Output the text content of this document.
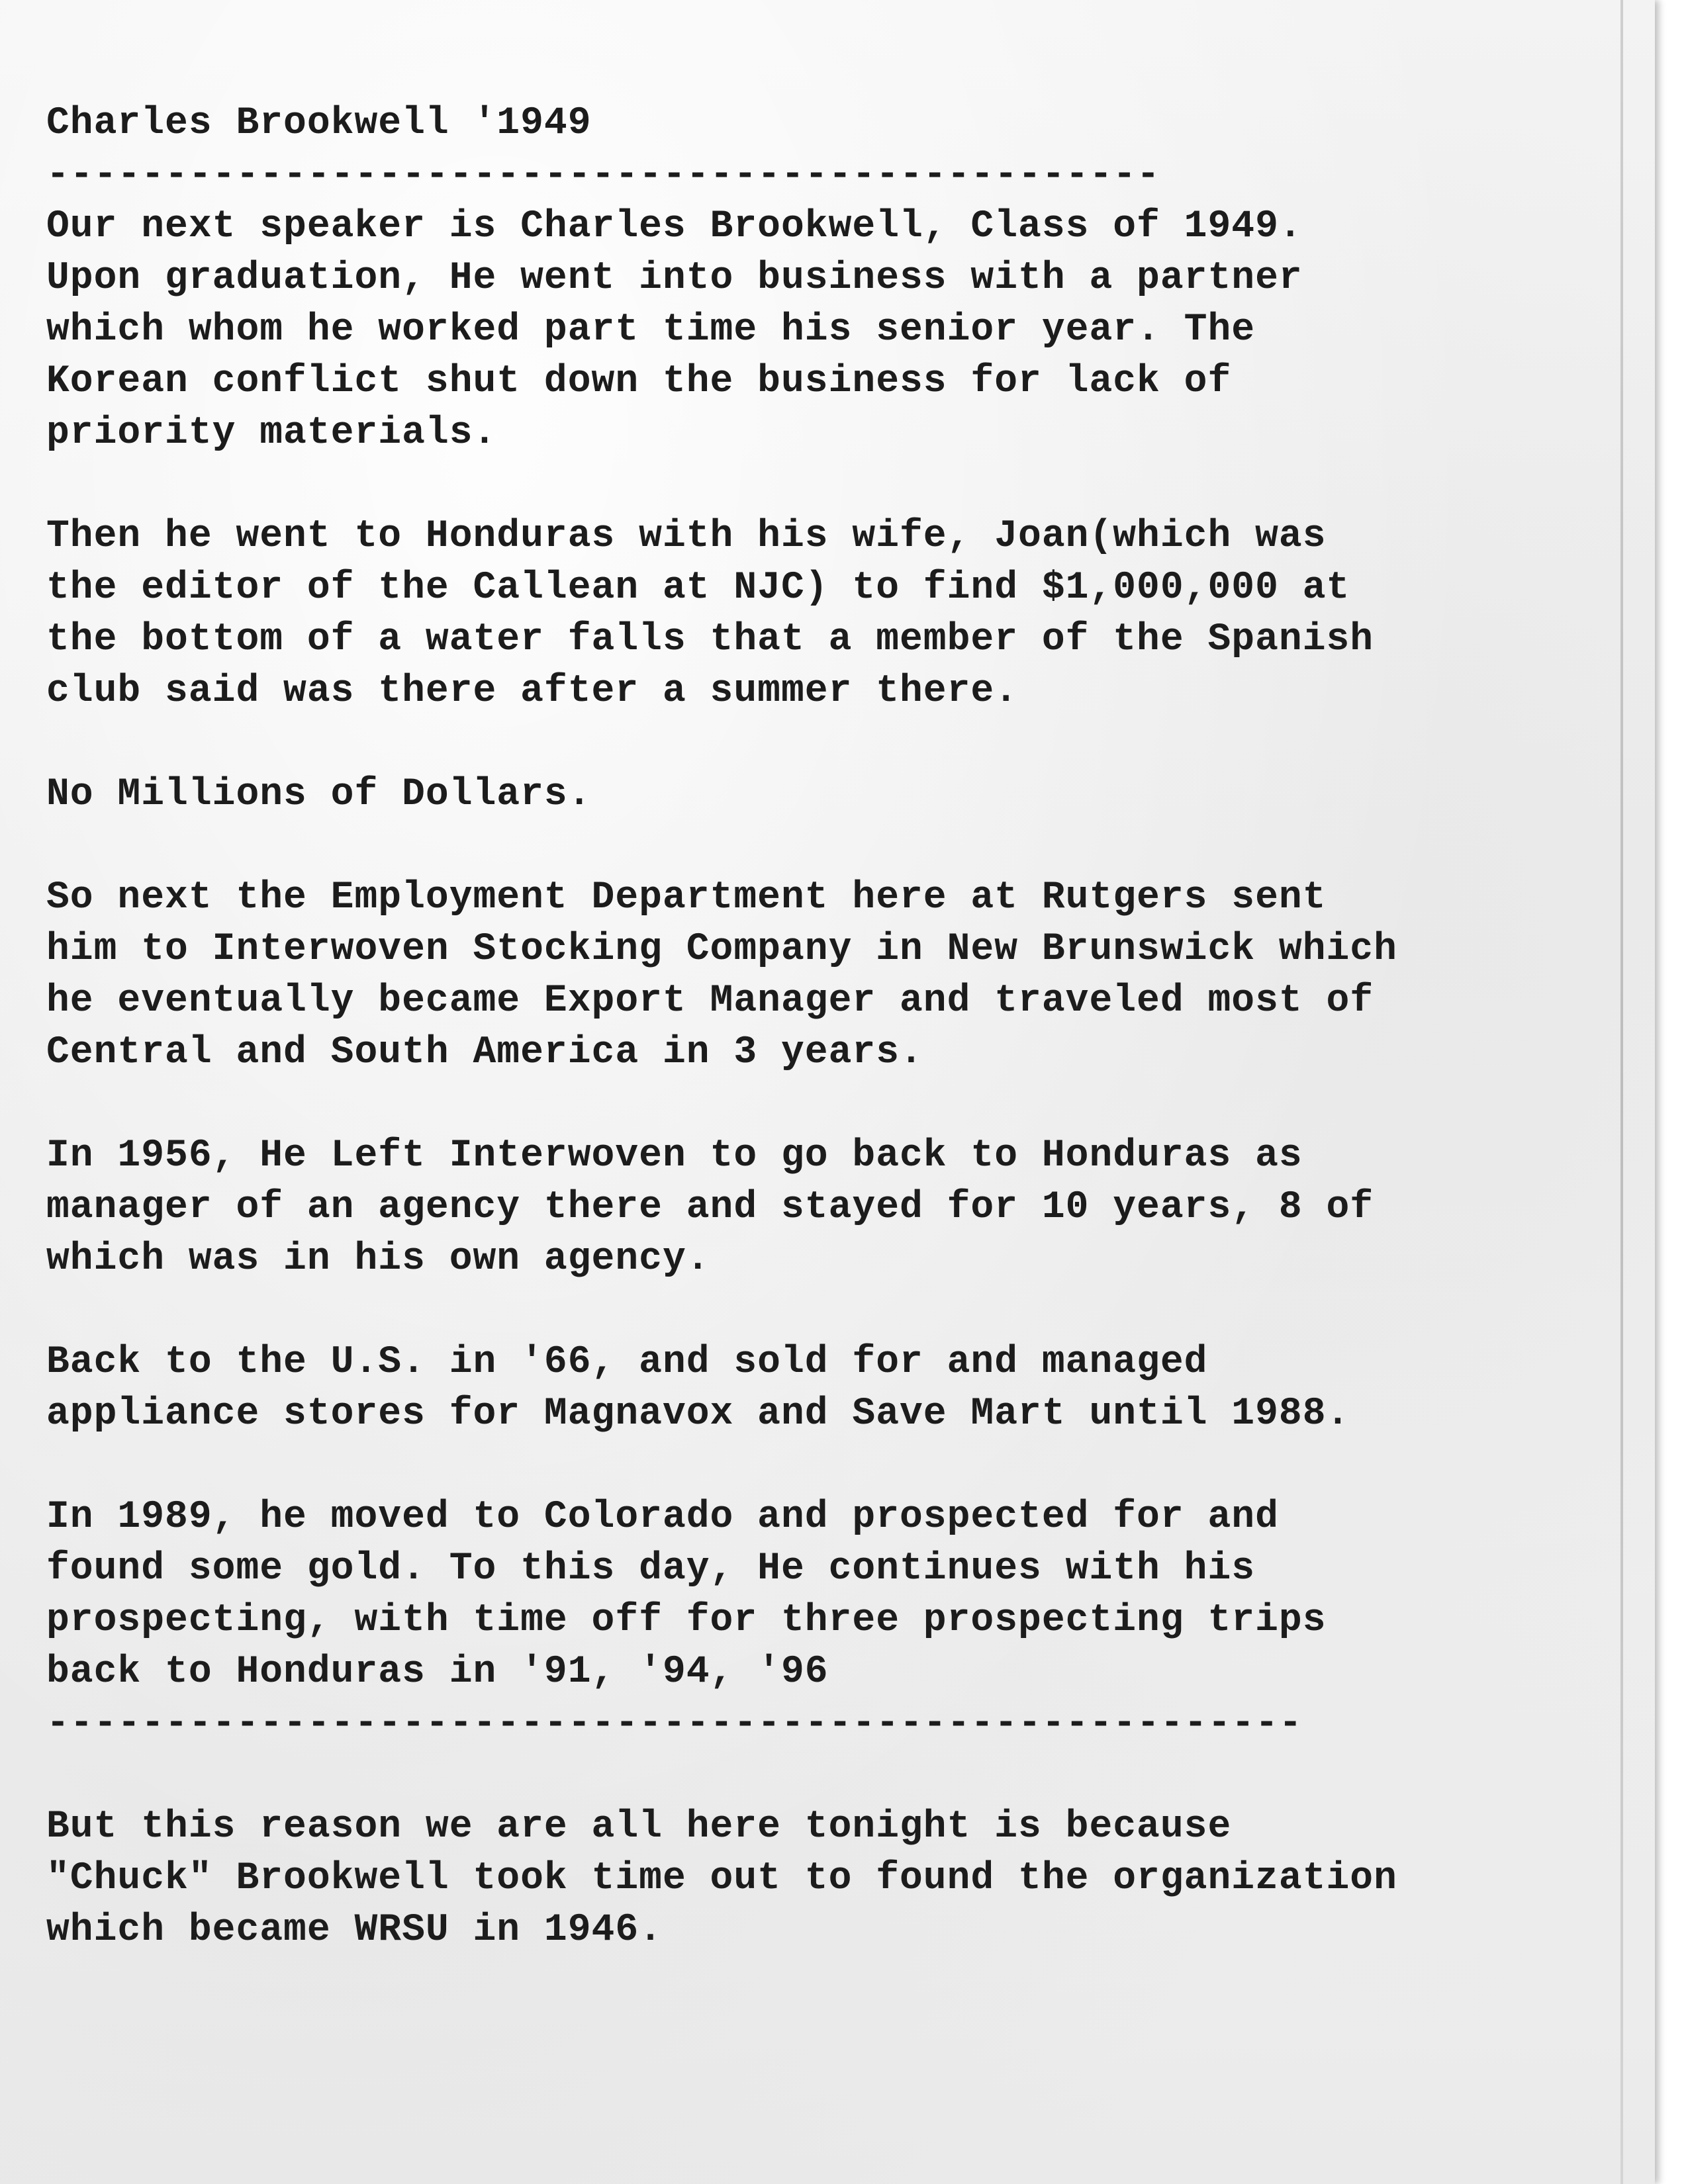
Charles Brookwell '1949
-----------------------------------------------
Our next speaker is Charles Brookwell, Class of 1949.
Upon graduation, He went into business with a partner
which whom he worked part time his senior year. The
Korean conflict shut down the business for lack of
priority materials.
Then he went to Honduras with his wife, Joan(which was
the editor of the Callean at NJC) to find $1,000,000 at
the bottom of a water falls that a member of the Spanish
club said was there after a summer there.
No Millions of Dollars.
So next the Employment Department here at Rutgers sent
him to Interwoven Stocking Company in New Brunswick which
he eventually became Export Manager and traveled most of
Central and South America in 3 years.
In 1956, He Left Interwoven to go back to Honduras as
manager of an agency there and stayed for 10 years, 8 of
which was in his own agency.
Back to the U.S. in '66, and sold for and managed
appliance stores for Magnavox and Save Mart until 1988.
In 1989, he moved to Colorado and prospected for and
found some gold. To this day, He continues with his
prospecting, with time off for three prospecting trips
back to Honduras in '91, '94, '96
-----------------------------------------------------
But this reason we are all here tonight is because
"Chuck" Brookwell took time out to found the organization
which became WRSU in 1946.
